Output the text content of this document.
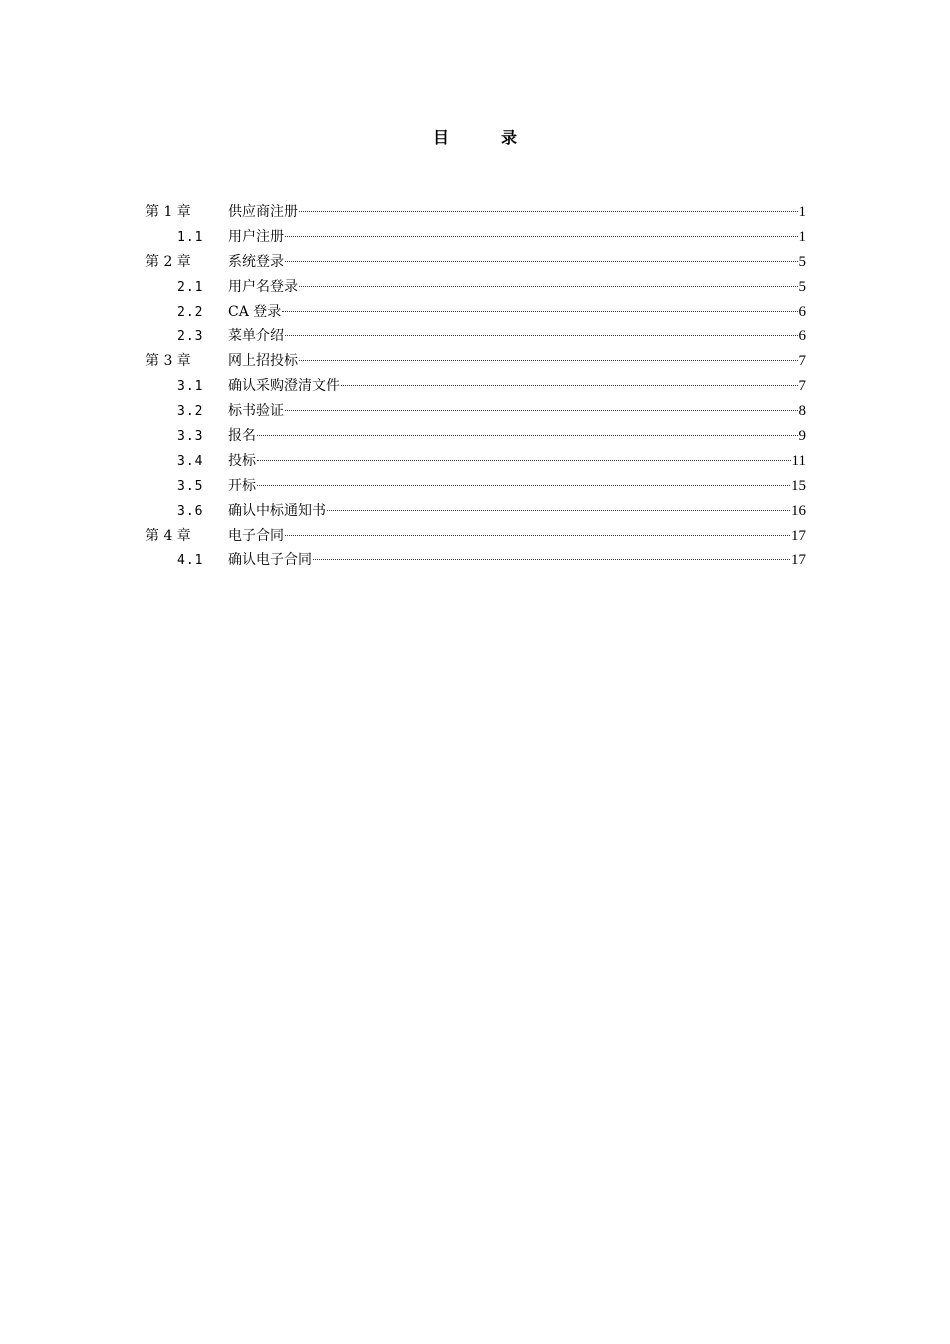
目　录
第 1 章	供应商注册	1
1.1	用户注册	1
第 2 章	系统登录	5
2.1	用户名登录	5
2.2	CA 登录	6
2.3	菜单介绍	6
第 3 章	网上招投标	7
3.1	确认采购澄清文件	7
3.2	标书验证	8
3.3	报名	9
3.4	投标	11
3.5	开标	15
3.6	确认中标通知书	16
第 4 章	电子合同	17
4.1	确认电子合同	17
